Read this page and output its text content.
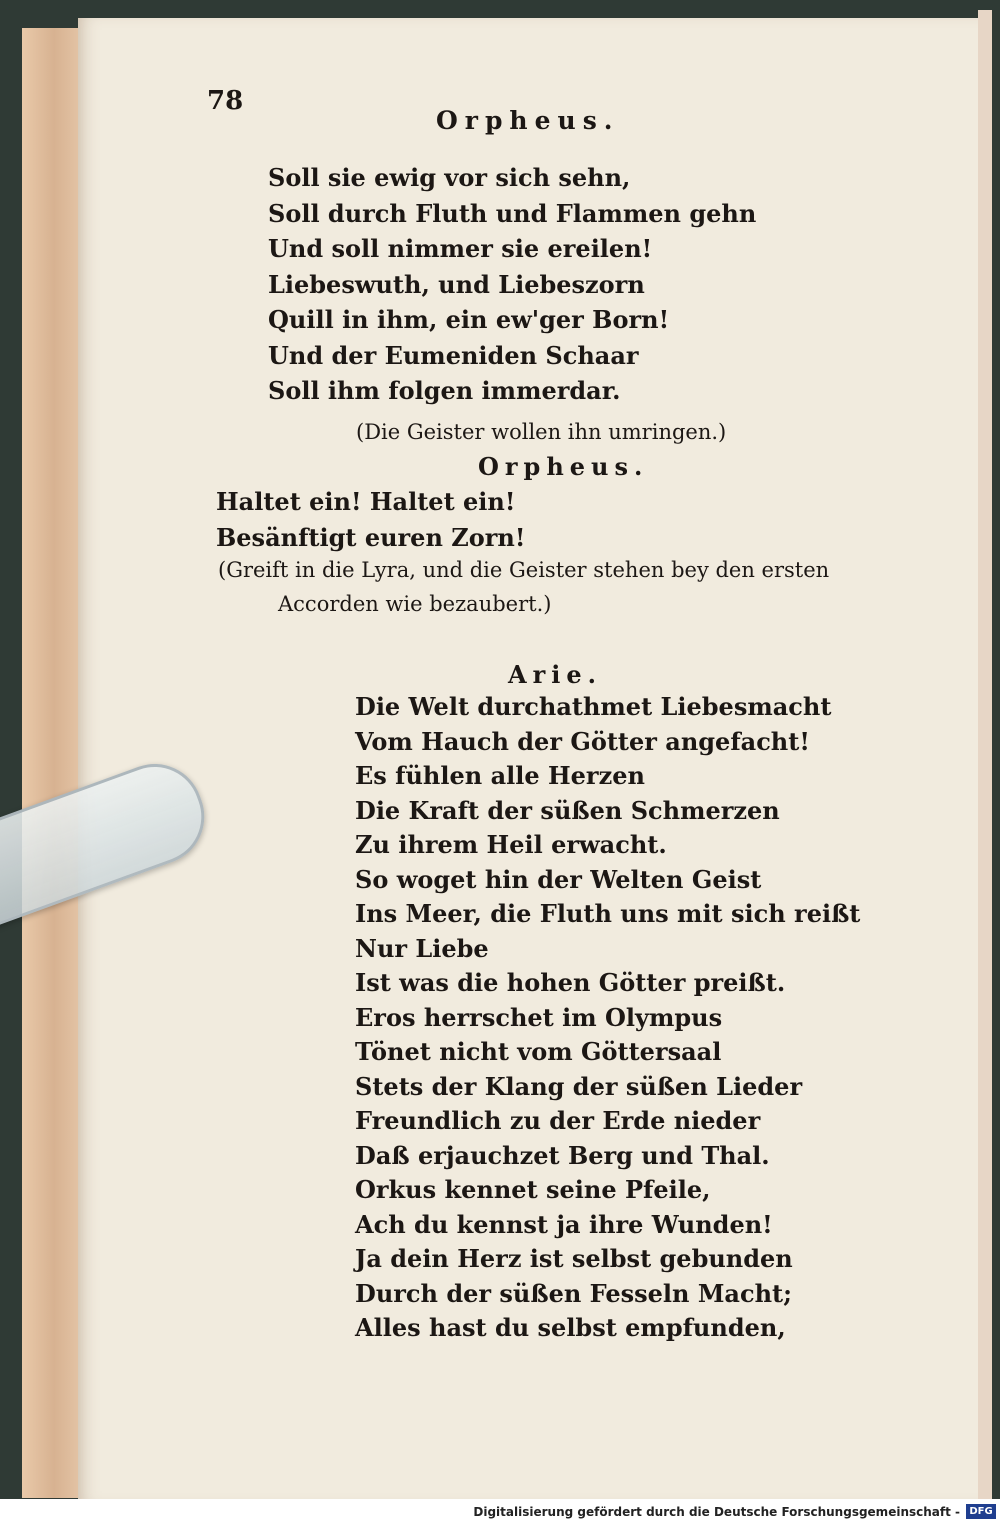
78
Orpheus.
Soll sie ewig vor sich sehn,
Soll durch Fluth und Flammen gehn
Und soll nimmer sie ereilen!
Liebeswuth, und Liebeszorn
Quill in ihm, ein ew'ger Born!
Und der Eumeniden Schaar
Soll ihm folgen immerdar.
(Die Geister wollen ihn umringen.)
Orpheus.
Haltet ein! Haltet ein!
Besänftigt euren Zorn!
(Greift in die Lyra, und die Geister stehen bey den ersten
Accorden wie bezaubert.)
Arie.
Die Welt durchathmet Liebesmacht
Vom Hauch der Götter angefacht!
Es fühlen alle Herzen
Die Kraft der süßen Schmerzen
Zu ihrem Heil erwacht.
So woget hin der Welten Geist
Ins Meer, die Fluth uns mit sich reißt
Nur Liebe
Ist was die hohen Götter preißt.
Eros herrschet im Olympus
Tönet nicht vom Göttersaal
Stets der Klang der süßen Lieder
Freundlich zu der Erde nieder
Daß erjauchzet Berg und Thal.
Orkus kennet seine Pfeile,
Ach du kennst ja ihre Wunden!
Ja dein Herz ist selbst gebunden
Durch der süßen Fesseln Macht;
Alles hast du selbst empfunden,
Digitalisierung gefördert durch die Deutsche Forschungsgemeinschaft - DFG
